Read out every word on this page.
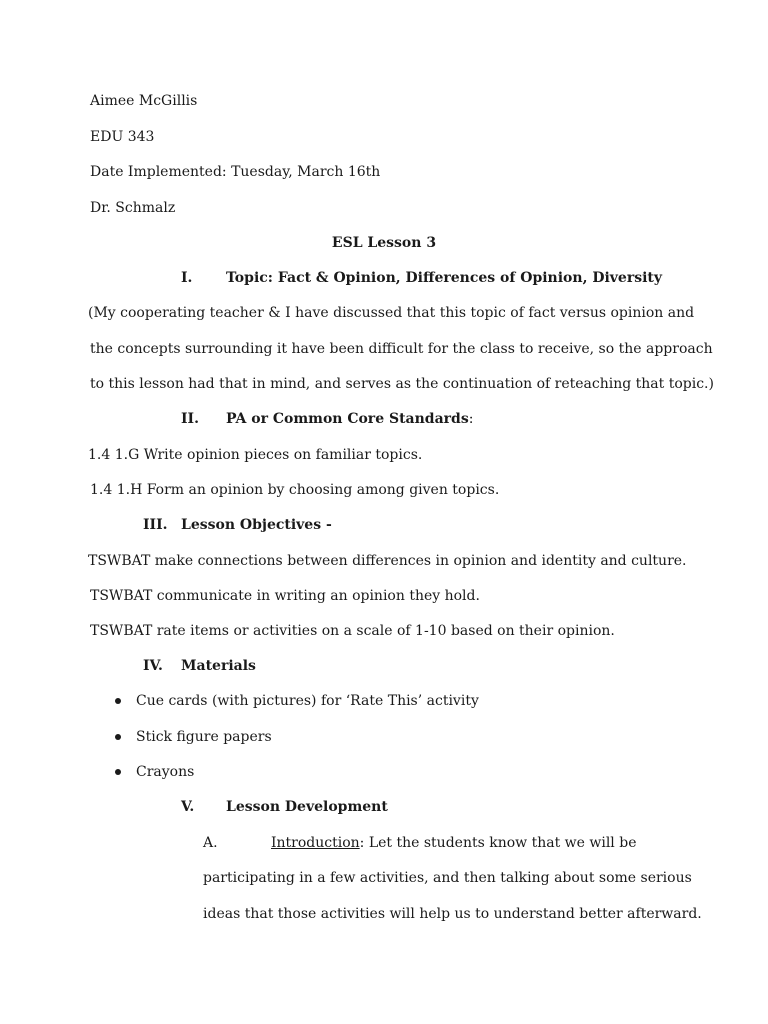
Aimee McGillis
EDU 343
Date Implemented: Tuesday, March 16th
Dr. Schmalz
ESL Lesson 3
I. Topic: Fact & Opinion, Differences of Opinion, Diversity
(My cooperating teacher & I have discussed that this topic of fact versus opinion and
the concepts surrounding it have been difficult for the class to receive, so the approach
to this lesson had that in mind, and serves as the continuation of reteaching that topic.)
II. PA or Common Core Standards:
1.4 1.G Write opinion pieces on familiar topics.
1.4 1.H Form an opinion by choosing among given topics.
III. Lesson Objectives -
TSWBAT make connections between differences in opinion and identity and culture.
TSWBAT communicate in writing an opinion they hold.
TSWBAT rate items or activities on a scale of 1-10 based on their opinion.
IV. Materials
Cue cards (with pictures) for ‘Rate This’ activity
Stick figure papers
Crayons
V. Lesson Development
A.	Introduction: Let the students know that we will be
participating in a few activities, and then talking about some serious
ideas that those activities will help us to understand better afterward.
